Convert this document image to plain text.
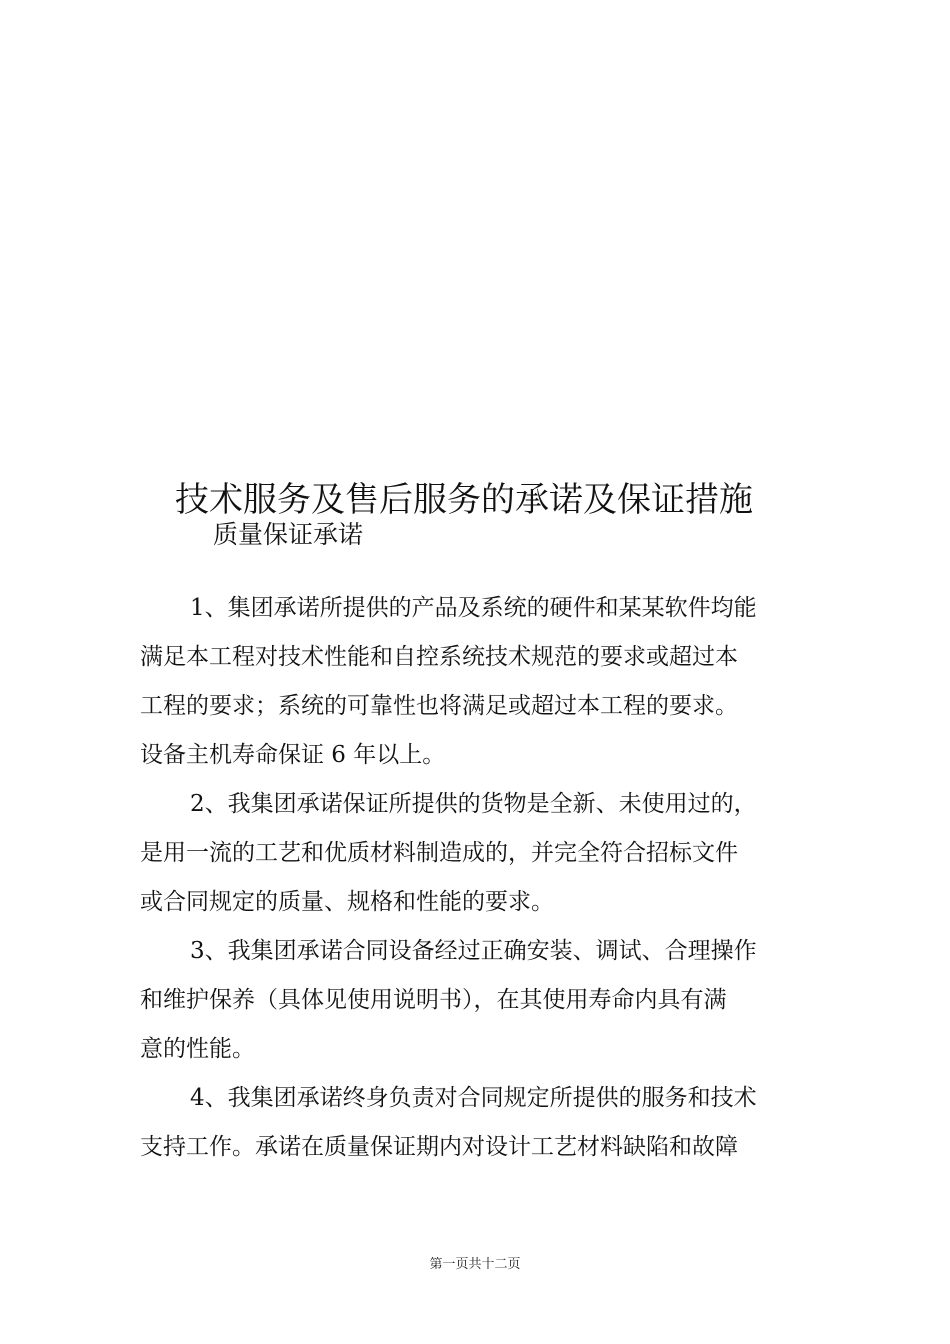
技术服务及售后服务的承诺及保证措施
质量保证承诺
1、集团承诺所提供的产品及系统的硬件和某某软件均能
满足本工程对技术性能和自控系统技术规范的要求或超过本
工程的要求；系统的可靠性也将满足或超过本工程的要求。
设备主机寿命保证 6 年以上。
2、我集团承诺保证所提供的货物是全新、未使用过的，
是用一流的工艺和优质材料制造成的，并完全符合招标文件
或合同规定的质量、规格和性能的要求。
3、我集团承诺合同设备经过正确安装、调试、合理操作
和维护保养（具体见使用说明书），在其使用寿命内具有满
意的性能。
4、我集团承诺终身负责对合同规定所提供的服务和技术
支持工作。承诺在质量保证期内对设计工艺材料缺陷和故障
第一页共十二页
